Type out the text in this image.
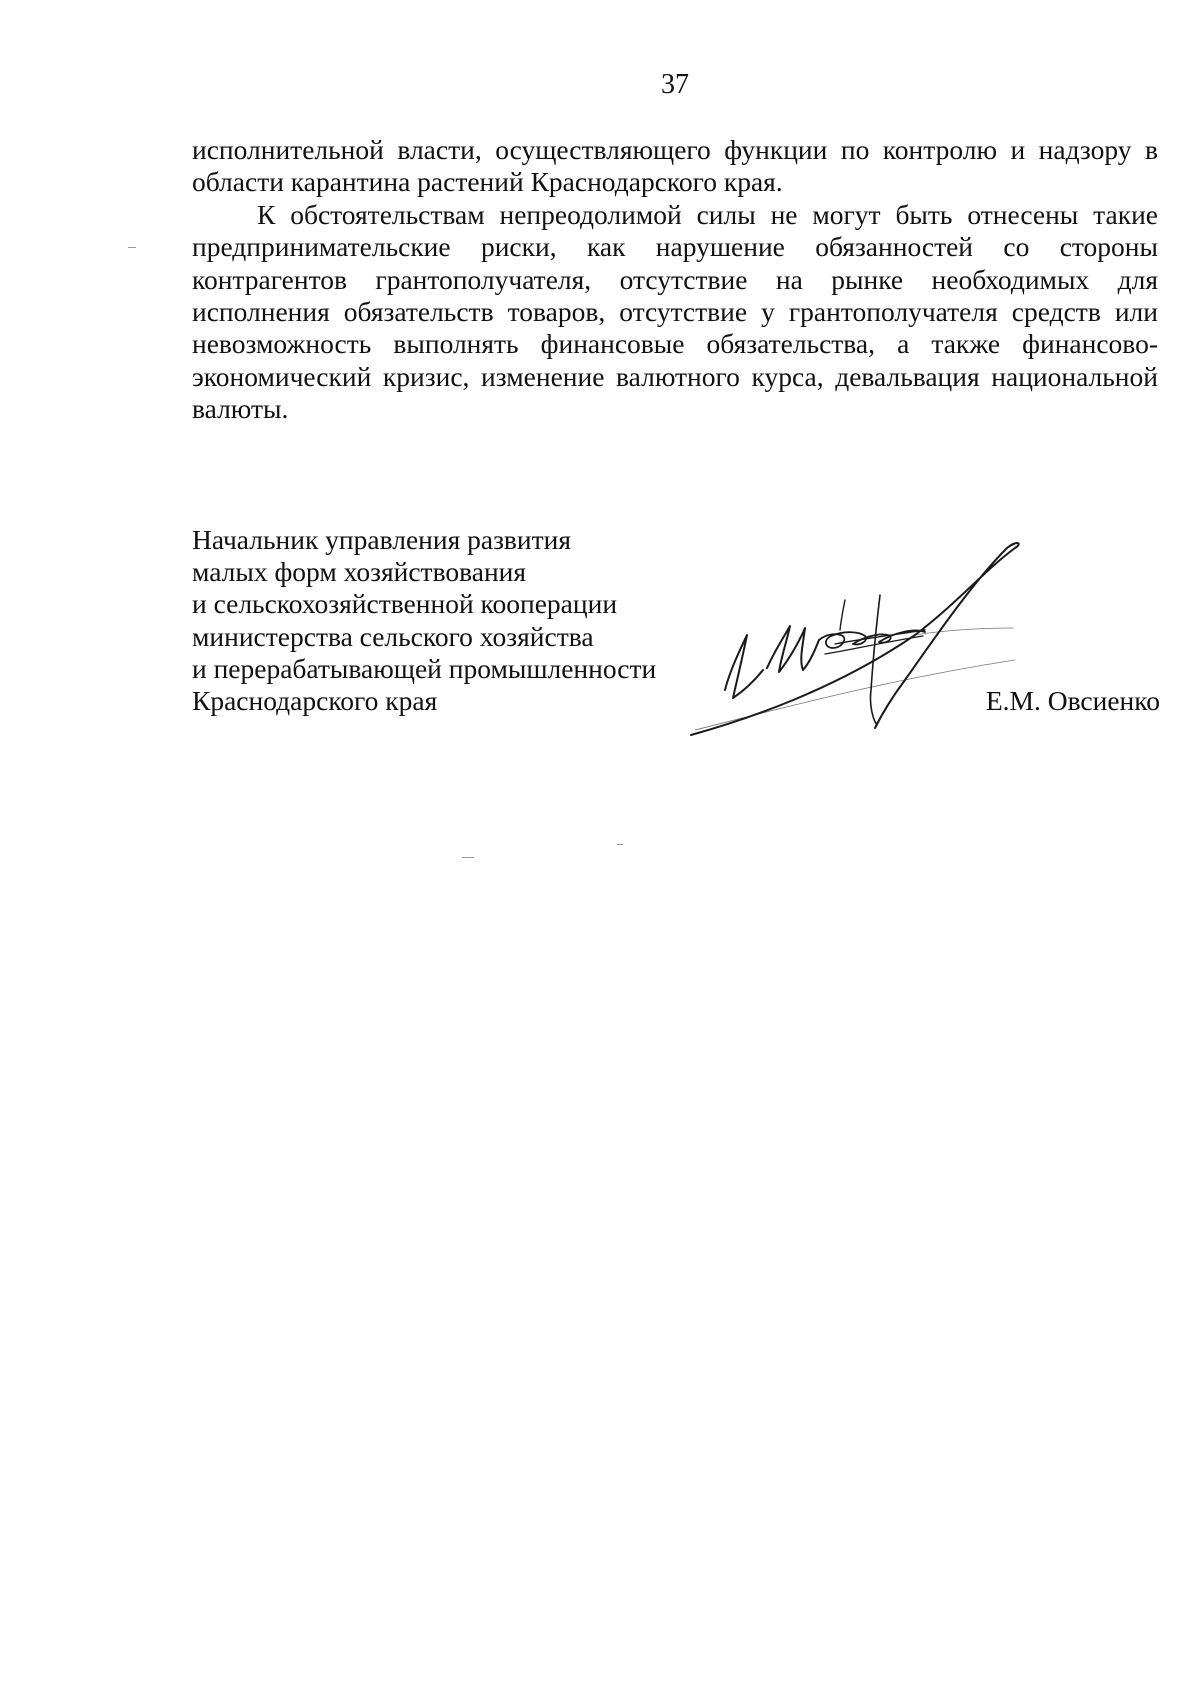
37

исполнительной власти, осуществляющего функции по контролю и надзору в области карантина растений Краснодарского края.

К обстоятельствам непреодолимой силы не могут быть отнесены такие предпринимательские риски, как нарушение обязанностей со стороны контрагентов грантополучателя, отсутствие на рынке необходимых для исполнения обязательств товаров, отсутствие у грантополучателя средств или невозможность выполнять финансовые обязательства, а также финансово-экономический кризис, изменение валютного курса, девальвация национальной валюты.

Начальник управления развития
малых форм хозяйствования
и сельскохозяйственной кооперации
министерства сельского хозяйства
и перерабатывающей промышленности
Краснодарского края	Е.М. Овсиенко
